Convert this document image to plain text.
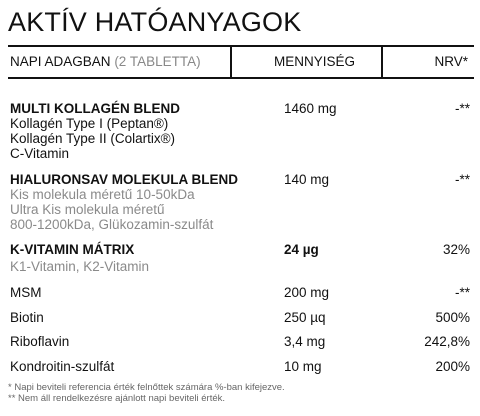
AKTÍV HATÓANYAGOK
NAPI ADAGBAN (2 TABLETTA)	MENNYISÉG	NRV*
MULTI KOLLAGÉN BLEND	1460 mg	-**
Kollagén Type I (Peptan®)
Kollagén Type II (Colartix®)
C-Vitamin
HIALURONSAV MOLEKULA BLEND	140 mg	-**
Kis molekula méretű 10-50kDa
Ultra Kis molekula méretű
800-1200kDa, Glükozamin-szulfát
K-VITAMIN MÁTRIX	24 µg	32%
K1-Vitamin, K2-Vitamin
MSM	200 mg	-**
Biotin	250 µq	500%
Riboflavin	3,4 mg	242,8%
Kondroitin-szulfát	10 mg	200%
* Napi beviteli referencia érték felnőttek számára %-ban kifejezve.
** Nem áll rendelkezésre ajánlott napi beviteli érték.
